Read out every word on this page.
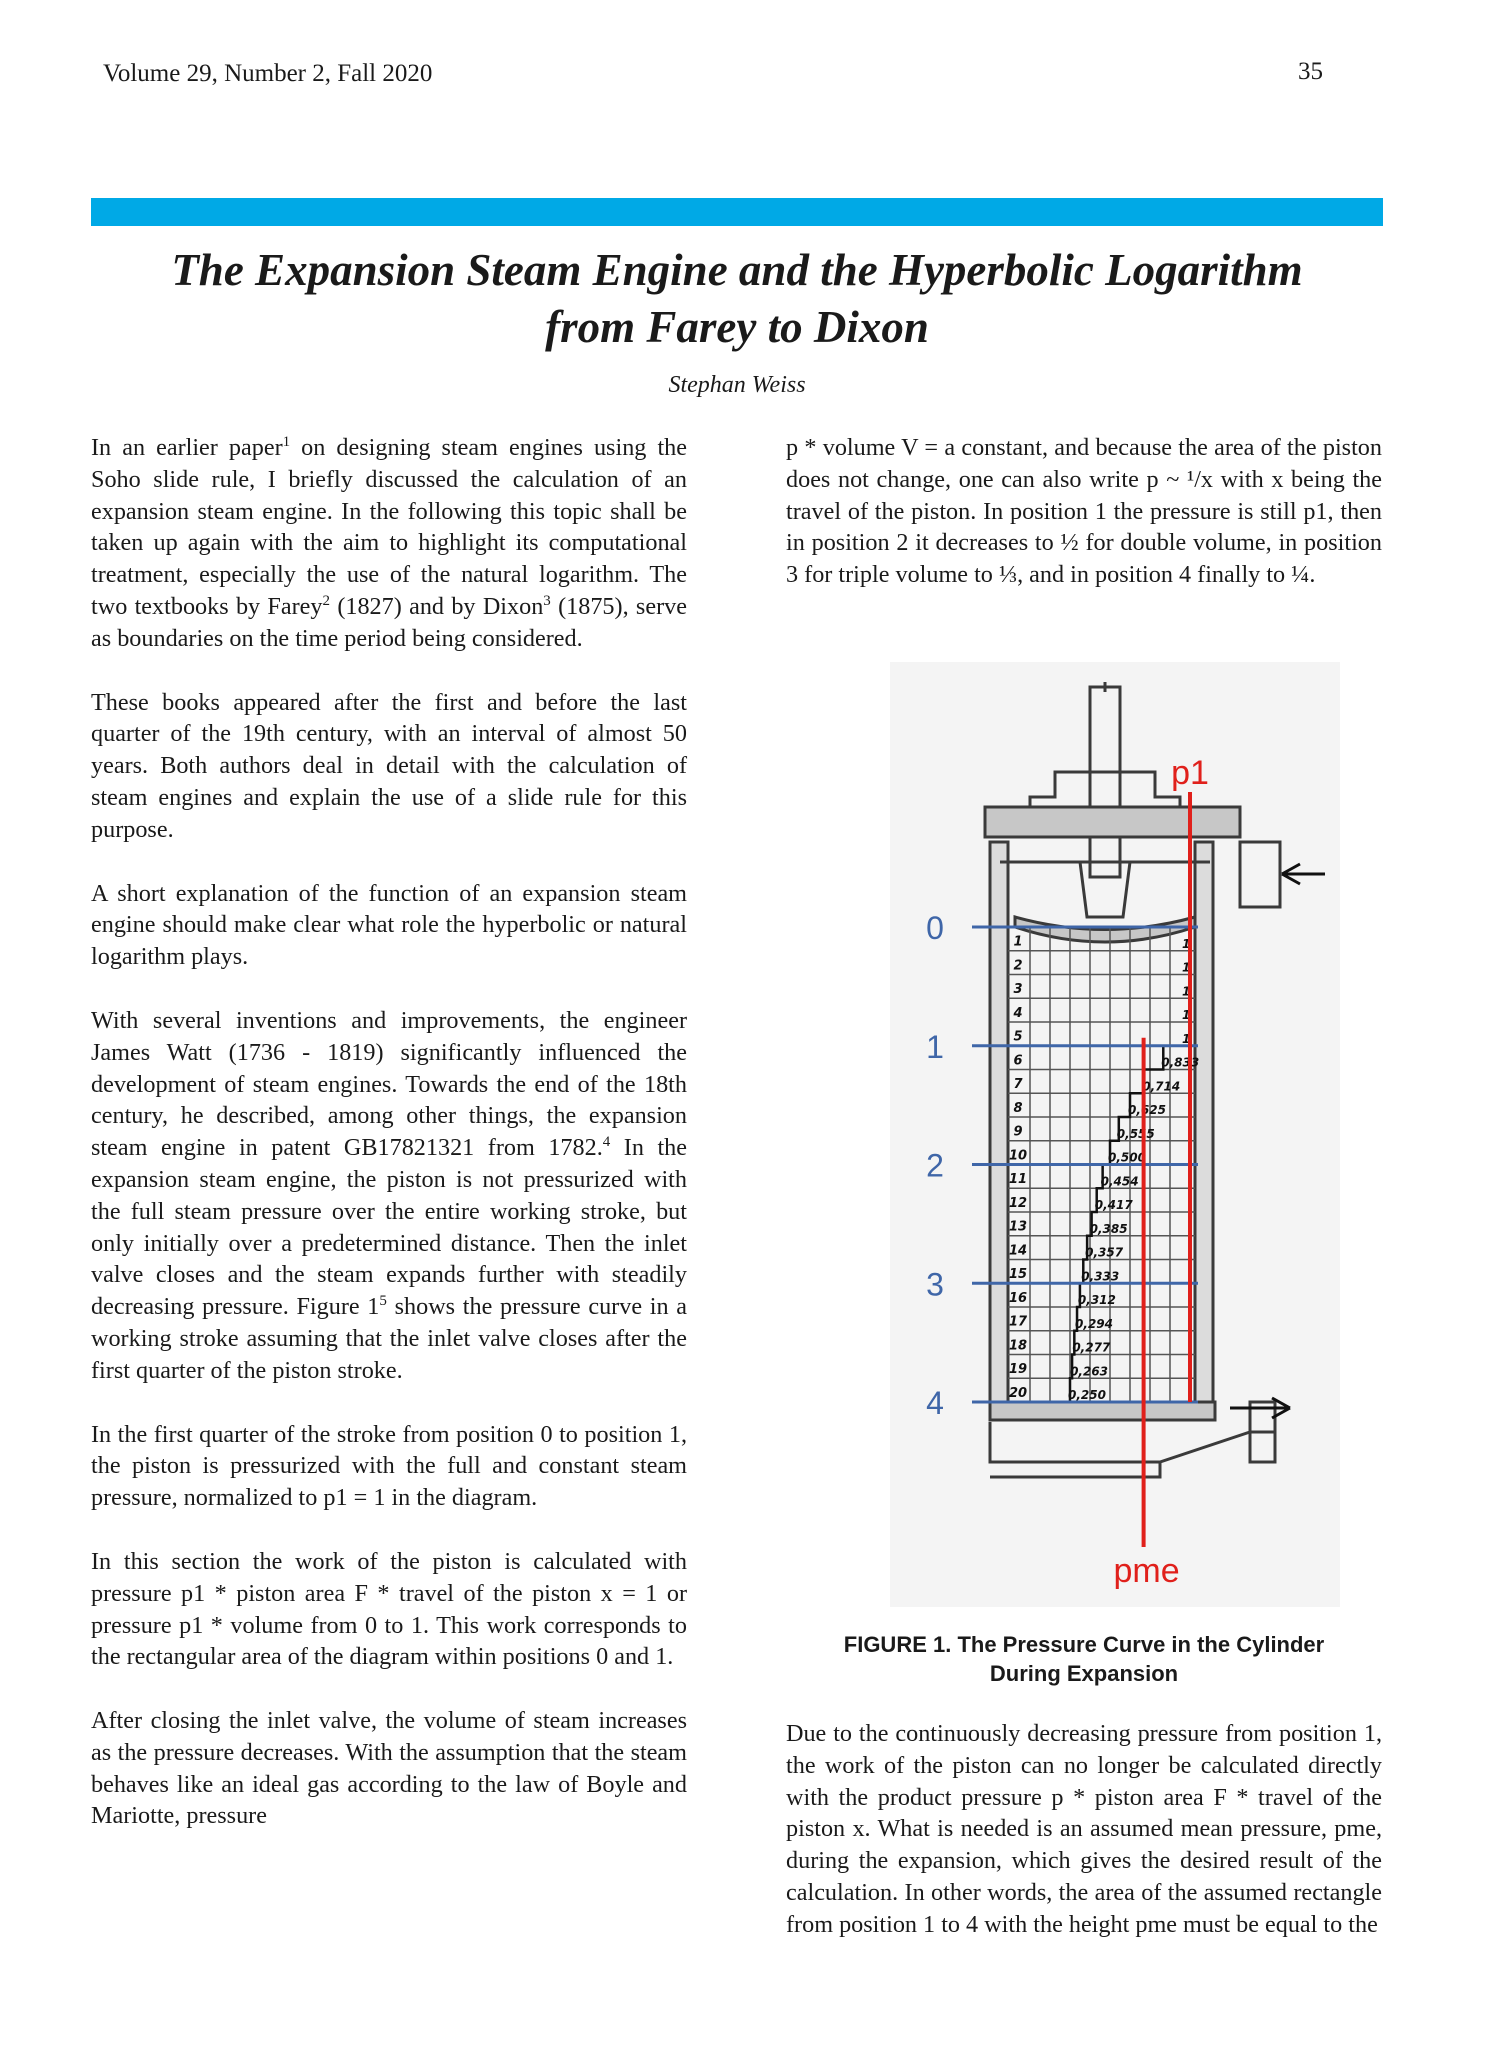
Volume 29, Number 2, Fall 2020	35
The Expansion Steam Engine and the Hyperbolic Logarithm
from Farey to Dixon
Stephan Weiss

In an earlier paper$^1$ on designing steam engines using the Soho slide rule, I briefly discussed the calculation of an expansion steam engine. In the following this topic shall be taken up again with the aim to highlight its computational treatment, especially the use of the natural logarithm. The two textbooks by Farey$^2$ (1827) and by Dixon$^3$ (1875), serve as boundaries on the time period being considered.

These books appeared after the first and before the last quarter of the 19th century, with an interval of almost 50 years. Both authors deal in detail with the calculation of steam engines and explain the use of a slide rule for this purpose.

A short explanation of the function of an expansion steam engine should make clear what role the hyperbolic or natural logarithm plays.

With several inventions and improvements, the engineer James Watt (1736 - 1819) significantly influenced the development of steam engines. Towards the end of the 18th century, he described, among other things, the expansion steam engine in patent GB17821321 from 1782.$^4$ In the expansion steam engine, the piston is not pressurized with the full steam pressure over the entire working stroke, but only initially over a predetermined distance. Then the inlet valve closes and the steam expands further with steadily decreasing pressure. Figure $1^5$ shows the pressure curve in a working stroke assuming that the inlet valve closes after the first quarter of the piston stroke.

In the first quarter of the stroke from position 0 to position 1, the piston is pressurized with the full and constant steam pressure, normalized to p1 = 1 in the diagram.

In this section the work of the piston is calculated with pressure p1 * piston area F * travel of the piston x = 1 or pressure p1 * volume from 0 to 1. This work corresponds to the rectangular area of the diagram within positions 0 and 1.

After closing the inlet valve, the volume of steam increases as the pressure decreases. With the assumption that the steam behaves like an ideal gas according to the law of Boyle and Mariotte, pressure

p * volume V = a constant, and because the area of the piston does not change, one can also write p ~ ¹/x with x being the travel of the piston. In position 1 the pressure is still p1, then in position 2 it decreases to ½ for double volume, in position 3 for triple volume to ⅓, and in position 4 finally to ¼.

1
2
3
4
5
6
7
8
9
10
11
12
13
14
15
16
17
18
19
20
1
1
1
1
1
0,833
0,714
0,625
0,555
0,500
0,454
0,417
0,385
0,357
0,333
0,312
0,294
0,277
0,263
0,250
0
1
2
3
4
p1
pme
FIGURE 1. The Pressure Curve in the Cylinder
During Expansion

Due to the continuously decreasing pressure from position 1, the work of the piston can no longer be calculated directly with the product pressure p * piston area F * travel of the piston x. What is needed is an assumed mean pressure, pme, during the expansion, which gives the desired result of the calculation. In other words, the area of the assumed rectangle from position 1 to 4 with the height pme must be equal to the
